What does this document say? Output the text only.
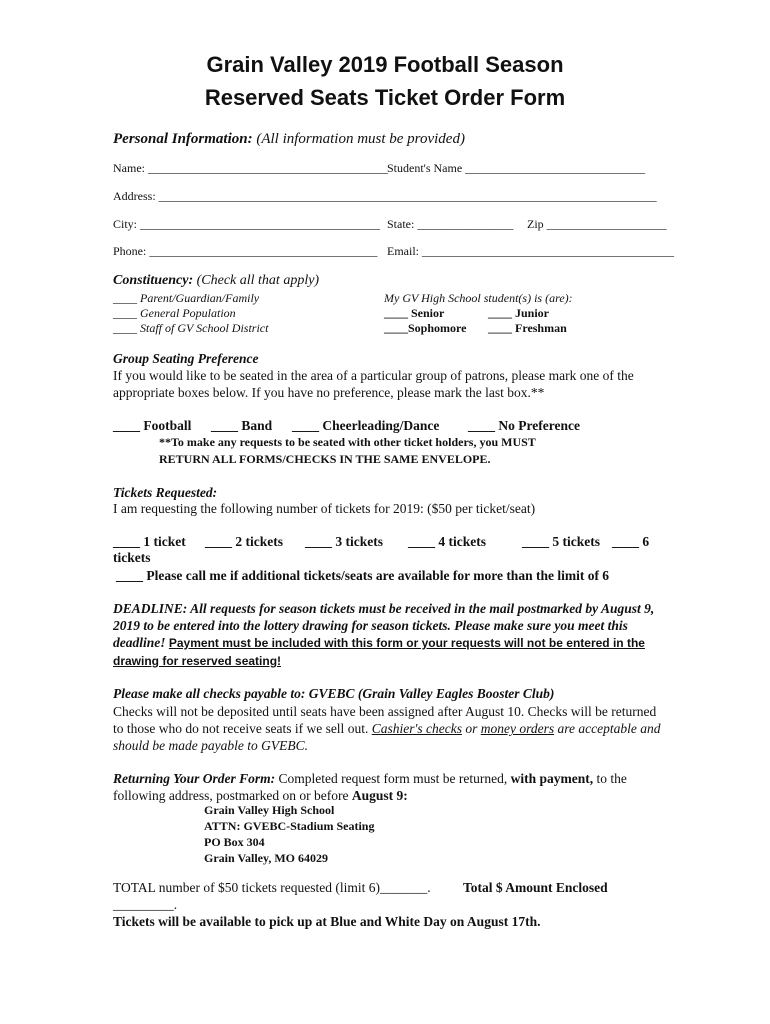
Grain Valley 2019 Football Season
Reserved Seats Ticket Order Form
Personal Information: (All information must be provided)
Name: ________________________________________ Student's Name ______________________________
Address: ___________________________________________________________________________________
City: ________________________________________ State: ________________ Zip ____________________
Phone: ______________________________________ Email: __________________________________________
Constituency: (Check all that apply)
____ Parent/Guardian/Family
____ General Population
____ Staff of GV School District
My GV High School student(s) is (are):
____ Senior	____ Junior
____Sophomore ____ Freshman
Group Seating Preference
If you would like to be seated in the area of a particular group of patrons, please mark one of the appropriate boxes below. If you have no preference, please mark the last box.**
____ Football ____ Band ____ Cheerleading/Dance ____ No Preference
**To make any requests to be seated with other ticket holders, you MUST
RETURN ALL FORMS/CHECKS IN THE SAME ENVELOPE.
Tickets Requested:
I am requesting the following number of tickets for 2019: ($50 per ticket/seat)
____ 1 ticket ____ 2 tickets ____ 3 tickets ____ 4 tickets	____ 5 tickets ____ 6
tickets
____ Please call me if additional tickets/seats are available for more than the limit of 6
DEADLINE: All requests for season tickets must be received in the mail postmarked by August 9, 2019 to be entered into the lottery drawing for season tickets. Please make sure you meet this deadline! Payment must be included with this form or your requests will not be entered in the drawing for reserved seating!
Please make all checks payable to: GVEBC (Grain Valley Eagles Booster Club)
Checks will not be deposited until seats have been assigned after August 10. Checks will be returned to those who do not receive seats if we sell out. Cashier's checks or money orders are acceptable and should be made payable to GVEBC.
Returning Your Order Form: Completed request form must be returned, with payment, to the following address, postmarked on or before August 9:
Grain Valley High School
ATTN: GVEBC-Stadium Seating
PO Box 304
Grain Valley, MO 64029
TOTAL number of $50 tickets requested (limit 6)_______. Total $ Amount Enclosed
_________.
Tickets will be available to pick up at Blue and White Day on August 17th.
